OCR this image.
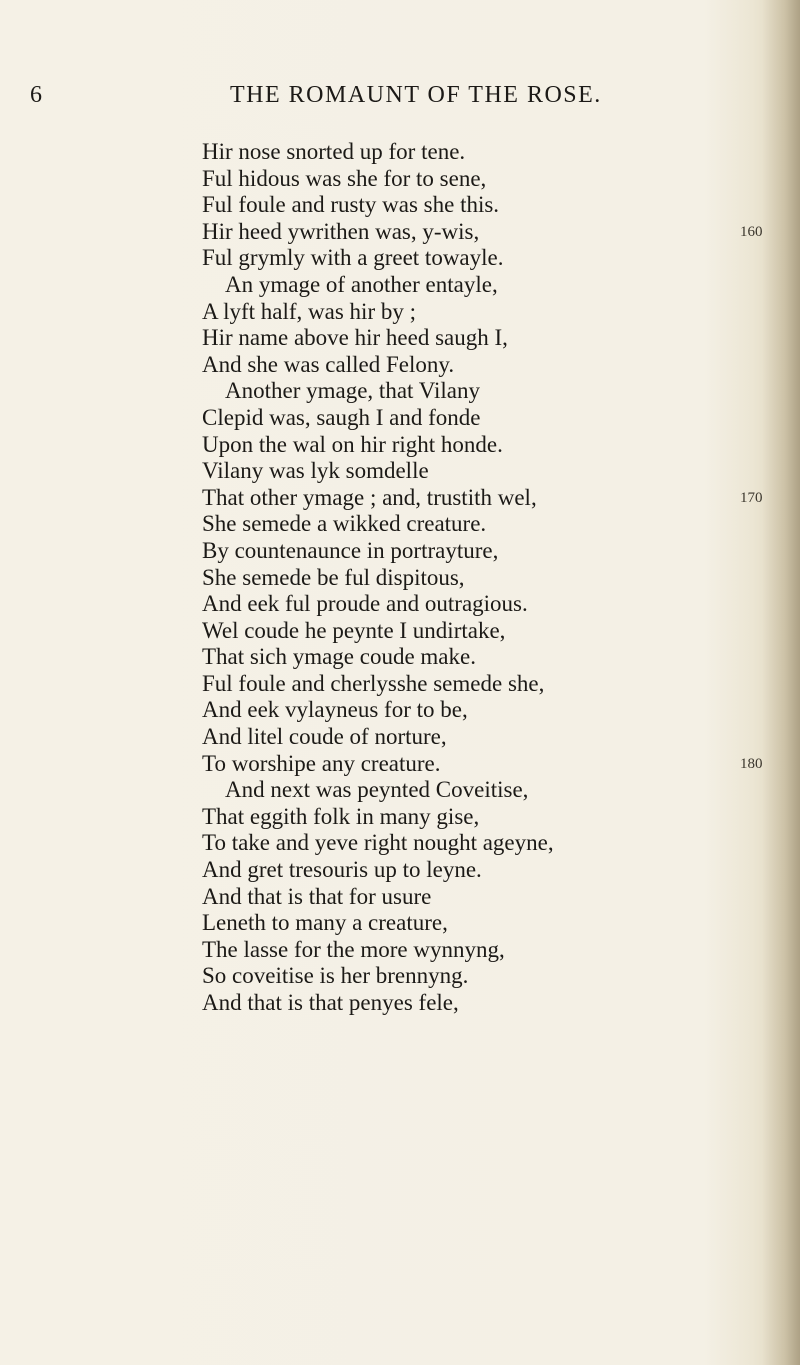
6	THE ROMAUNT OF THE ROSE.
Hir nose snorted up for tene.
Ful hidous was she for to sene,
Ful foule and rusty was she this.
Hir heed ywrithen was, y-wis,	160
Ful grymly with a greet towayle.
An ymage of another entayle,
A lyft half, was hir by ;
Hir name above hir heed saugh I,
And she was called Felony.
Another ymage, that Vilany
Clepid was, saugh I and fonde
Upon the wal on hir right honde.
Vilany was lyk somdelle
That other ymage ; and, trustith wel,	170
She semede a wikked creature.
By countenaunce in portrayture,
She semede be ful dispitous,
And eek ful proude and outragious.
Wel coude he peynte I undirtake,
That sich ymage coude make.
Ful foule and cherlysshe semede she,
And eek vylayneus for to be,
And litel coude of norture,
To worshipe any creature.	180
And next was peynted Coveitise,
That eggith folk in many gise,
To take and yeve right nought ageyne,
And gret tresouris up to leyne.
And that is that for usure
Leneth to many a creature,
The lasse for the more wynnyng,
So coveitise is her brennyng.
And that is that penyes fele,
